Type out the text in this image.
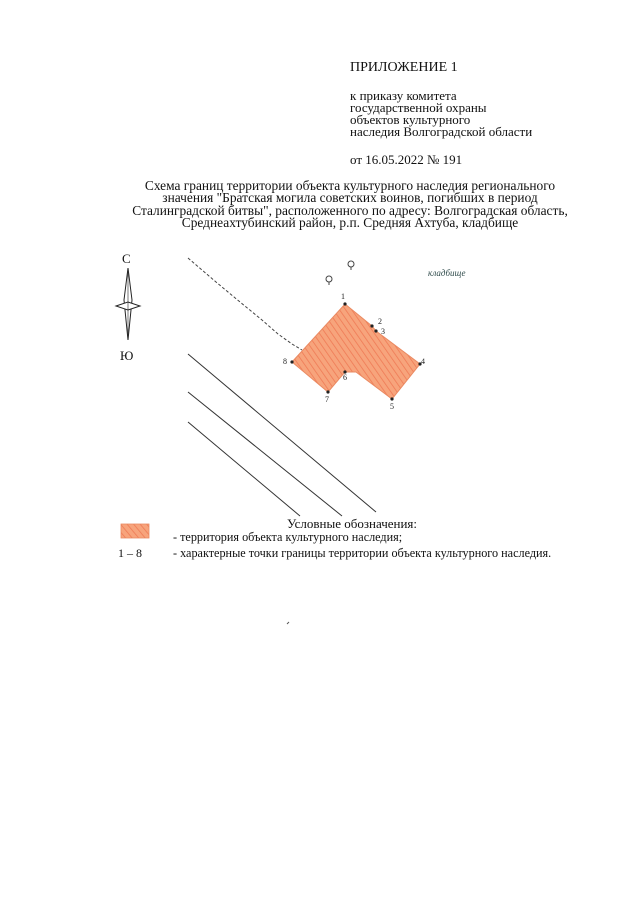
ПРИЛОЖЕНИЕ 1
к приказу комитета
государственной охраны
объектов культурного
наследия Волгоградской области
от 16.05.2022 № 191
Схема границ территории объекта культурного наследия регионального
значения "Братская могила советских воинов, погибших в период
Сталинградской битвы", расположенного по адресу: Волгоградская область,
Среднеахтубинский район, р.п. Средняя Ахтуба, кладбище
С
Ю
кладбище
1
2
3
4
5
6
7
8
Условные обозначения:
- территория объекта культурного наследия;
1 – 8	- характерные точки границы территории объекта культурного наследия.
